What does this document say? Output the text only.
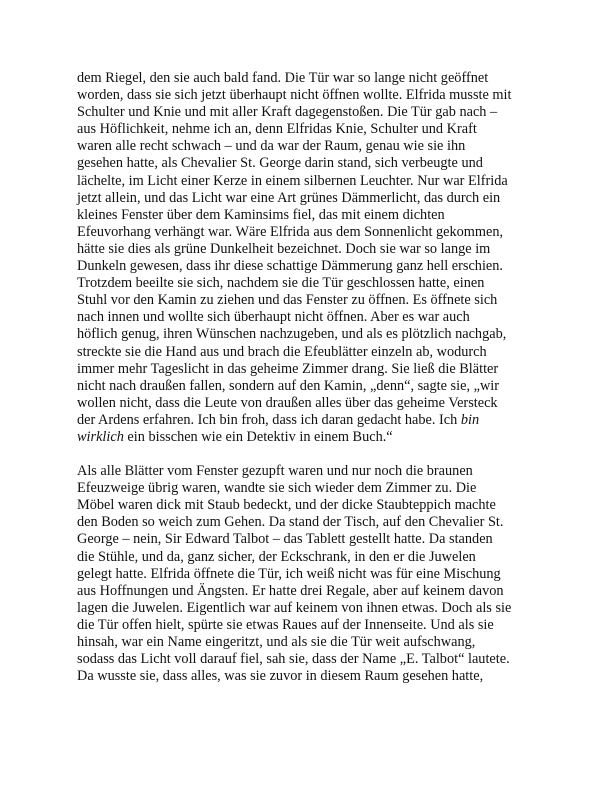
dem Riegel, den sie auch bald fand. Die Tür war so lange nicht geöffnet
worden, dass sie sich jetzt überhaupt nicht öffnen wollte. Elfrida musste mit
Schulter und Knie und mit aller Kraft dagegenstoßen. Die Tür gab nach –
aus Höflichkeit, nehme ich an, denn Elfridas Knie, Schulter und Kraft
waren alle recht schwach – und da war der Raum, genau wie sie ihn
gesehen hatte, als Chevalier St. George darin stand, sich verbeugte und
lächelte, im Licht einer Kerze in einem silbernen Leuchter. Nur war Elfrida
jetzt allein, und das Licht war eine Art grünes Dämmerlicht, das durch ein
kleines Fenster über dem Kaminsims fiel, das mit einem dichten
Efeuvorhang verhängt war. Wäre Elfrida aus dem Sonnenlicht gekommen,
hätte sie dies als grüne Dunkelheit bezeichnet. Doch sie war so lange im
Dunkeln gewesen, dass ihr diese schattige Dämmerung ganz hell erschien.
Trotzdem beeilte sie sich, nachdem sie die Tür geschlossen hatte, einen
Stuhl vor den Kamin zu ziehen und das Fenster zu öffnen. Es öffnete sich
nach innen und wollte sich überhaupt nicht öffnen. Aber es war auch
höflich genug, ihren Wünschen nachzugeben, und als es plötzlich nachgab,
streckte sie die Hand aus und brach die Efeublätter einzeln ab, wodurch
immer mehr Tageslicht in das geheime Zimmer drang. Sie ließ die Blätter
nicht nach draußen fallen, sondern auf den Kamin, „denn“, sagte sie, „wir
wollen nicht, dass die Leute von draußen alles über das geheime Versteck
der Ardens erfahren. Ich bin froh, dass ich daran gedacht habe. Ich bin
wirklich ein bisschen wie ein Detektiv in einem Buch.“

Als alle Blätter vom Fenster gezupft waren und nur noch die braunen
Efeuzweige übrig waren, wandte sie sich wieder dem Zimmer zu. Die
Möbel waren dick mit Staub bedeckt, und der dicke Staubteppich machte
den Boden so weich zum Gehen. Da stand der Tisch, auf den Chevalier St.
George – nein, Sir Edward Talbot – das Tablett gestellt hatte. Da standen
die Stühle, und da, ganz sicher, der Eckschrank, in den er die Juwelen
gelegt hatte. Elfrida öffnete die Tür, ich weiß nicht was für eine Mischung
aus Hoffnungen und Ängsten. Er hatte drei Regale, aber auf keinem davon
lagen die Juwelen. Eigentlich war auf keinem von ihnen etwas. Doch als sie
die Tür offen hielt, spürte sie etwas Raues auf der Innenseite. Und als sie
hinsah, war ein Name eingeritzt, und als sie die Tür weit aufschwang,
sodass das Licht voll darauf fiel, sah sie, dass der Name „E. Talbot“ lautete.
Da wusste sie, dass alles, was sie zuvor in diesem Raum gesehen hatte,
